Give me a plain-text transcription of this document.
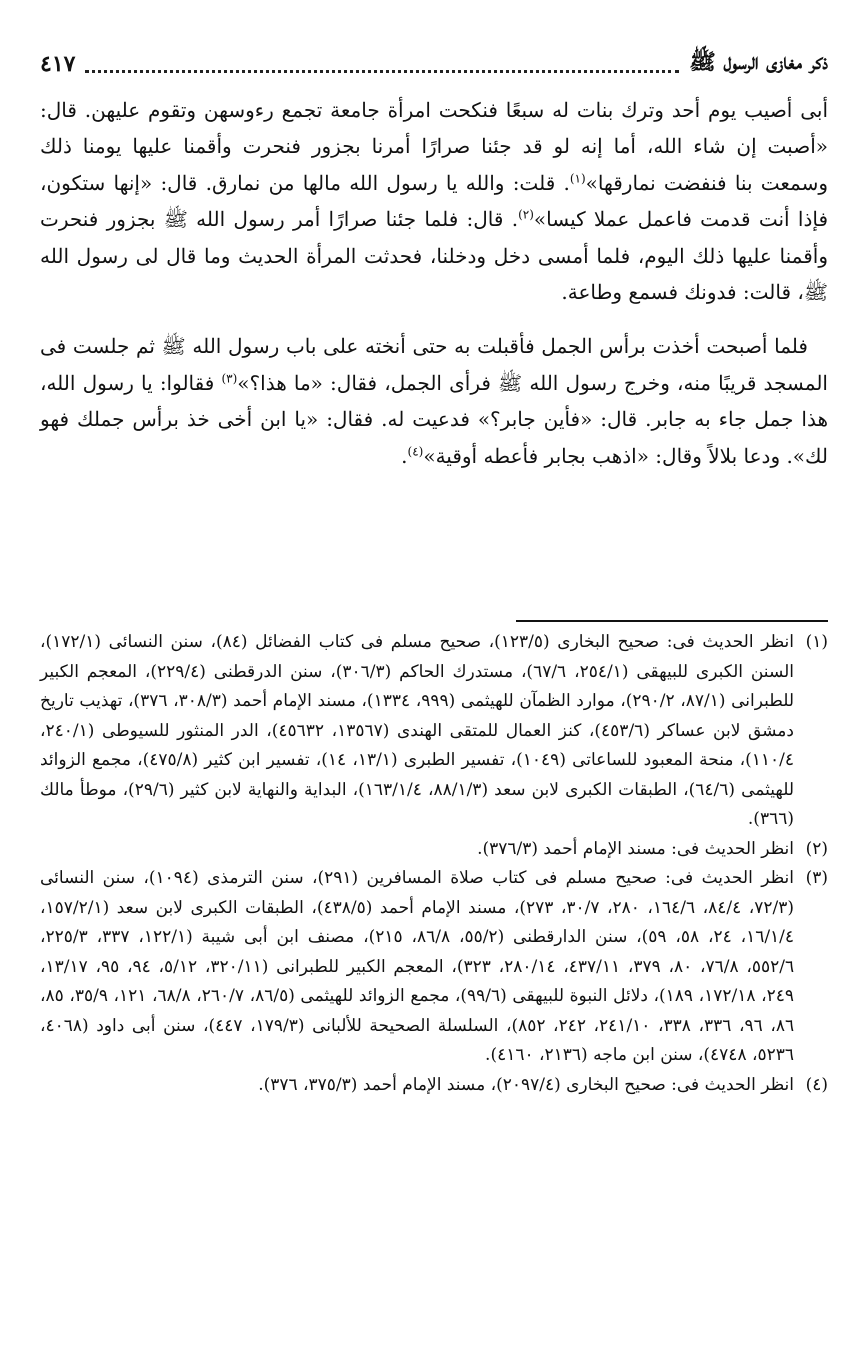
ذكر مغازى الرسول ﷺ
٤١٧

أبى أصيب يوم أحد وترك بنات له سبعًا فنكحت امرأة جامعة تجمع رءوسهن وتقوم عليهن. قال: «أصبت إن شاء الله، أما إنه لو قد جئنا صرارًا أمرنا بجزور فنحرت وأقمنا عليها يومنا ذلك وسمعت بنا فنفضت نمارقها»$^{(١)}$. قلت: والله يا رسول الله مالها من نمارق. قال: «إنها ستكون، فإذا أنت قدمت فاعمل عملا كيسا»$^{(٢)}$. قال: فلما جئنا صرارًا أمر رسول الله ﷺ بجزور فنحرت وأقمنا عليها ذلك اليوم، فلما أمسى دخل ودخلنا، فحدثت المرأة الحديث وما قال لى رسول الله ﷺ، قالت: فدونك فسمع وطاعة.

فلما أصبحت أخذت برأس الجمل فأقبلت به حتى أنخته على باب رسول الله ﷺ ثم جلست فى المسجد قريبًا منه، وخرج رسول الله ﷺ فرأى الجمل، فقال: «ما هذا؟»$^{(٣)}$ فقالوا: يا رسول الله، هذا جمل جاء به جابر. قال: «فأين جابر؟» فدعيت له. فقال: «يا ابن أخى خذ برأس جملك فهو لك». ودعا بلالاً وقال: «اذهب بجابر فأعطه أوقية»$^{(٤)}$.

(١)
انظر الحديث فى: صحيح البخارى (١٢٣/٥)، صحيح مسلم فى كتاب الفضائل (٨٤)، سنن النسائى (١٧٢/١)، السنن الكبرى للبيهقى (٢٥٤/١، ٦٧/٦)، مستدرك الحاكم (٣٠٦/٣)، سنن الدرقطنى (٢٢٩/٤)، المعجم الكبير للطبرانى (٨٧/١، ٢٩٠/٢)، موارد الظمآن للهيثمى (٩٩٩، ١٣٣٤)، مسند الإمام أحمد (٣٠٨/٣، ٣٧٦)، تهذيب تاريخ دمشق لابن عساكر (٤٥٣/٦)، كنز العمال للمتقى الهندى (١٣٥٦٧، ٤٥٦٣٢)، الدر المنثور للسيوطى (٢٤٠/١، ١١٠/٤)، منحة المعبود للساعاتى (١٠٤٩)، تفسير الطبرى (١٣/١، ١٤)، تفسير ابن كثير (٤٧٥/٨)، مجمع الزوائد للهيثمى (٦٤/٦)، الطبقات الكبرى لابن سعد (٨٨/١/٣، ١٦٣/١/٤)، البداية والنهاية لابن كثير (٢٩/٦)، موطأ مالك (٣٦٦).
(٢)
انظر الحديث فى: مسند الإمام أحمد (٣٧٦/٣).
(٣)
انظر الحديث فى: صحيح مسلم فى كتاب صلاة المسافرين (٢٩١)، سنن الترمذى (١٠٩٤)، سنن النسائى (٧٢/٣، ٨٤/٤، ١٦٤/٦، ٢٨٠، ٣٠/٧، ٢٧٣)، مسند الإمام أحمد (٤٣٨/٥)، الطبقات الكبرى لابن سعد (١٥٧/٢/١، ١٦/١/٤، ٢٤، ٥٨، ٥٩)، سنن الدارقطنى (٥٥/٢، ٨٦/٨، ٢١٥)، مصنف ابن أبى شيبة (١٢٢/١، ٣٣٧، ٢٢٥/٣، ٥٥٢/٦، ٧٦/٨، ٨٠، ٣٧٩، ٤٣٧/١١، ٢٨٠/١٤، ٣٢٣)، المعجم الكبير للطبرانى (٣٢٠/١١، ٥/١٢، ٩٤، ٩٥، ١٣/١٧، ٢٤٩، ١٧٢/١٨، ١٨٩)، دلائل النبوة للبيهقى (٩٩/٦)، مجمع الزوائد للهيثمى (٨٦/٥، ٢٦٠/٧، ٦٨/٨، ١٢١، ٣٥/٩، ٨٥، ٨٦، ٩٦، ٣٣٦، ٣٣٨، ٢٤١/١٠، ٢٤٢، ٨٥٢)، السلسلة الصحيحة للألبانى (١٧٩/٣، ٤٤٧)، سنن أبى داود (٤٠٦٨، ٥٢٣٦، ٤٧٤٨)، سنن ابن ماجه (٢١٣٦، ٤١٦٠).
(٤)
انظر الحديث فى: صحيح البخارى (٢٠٩٧/٤)، مسند الإمام أحمد (٣٧٥/٣، ٣٧٦).
